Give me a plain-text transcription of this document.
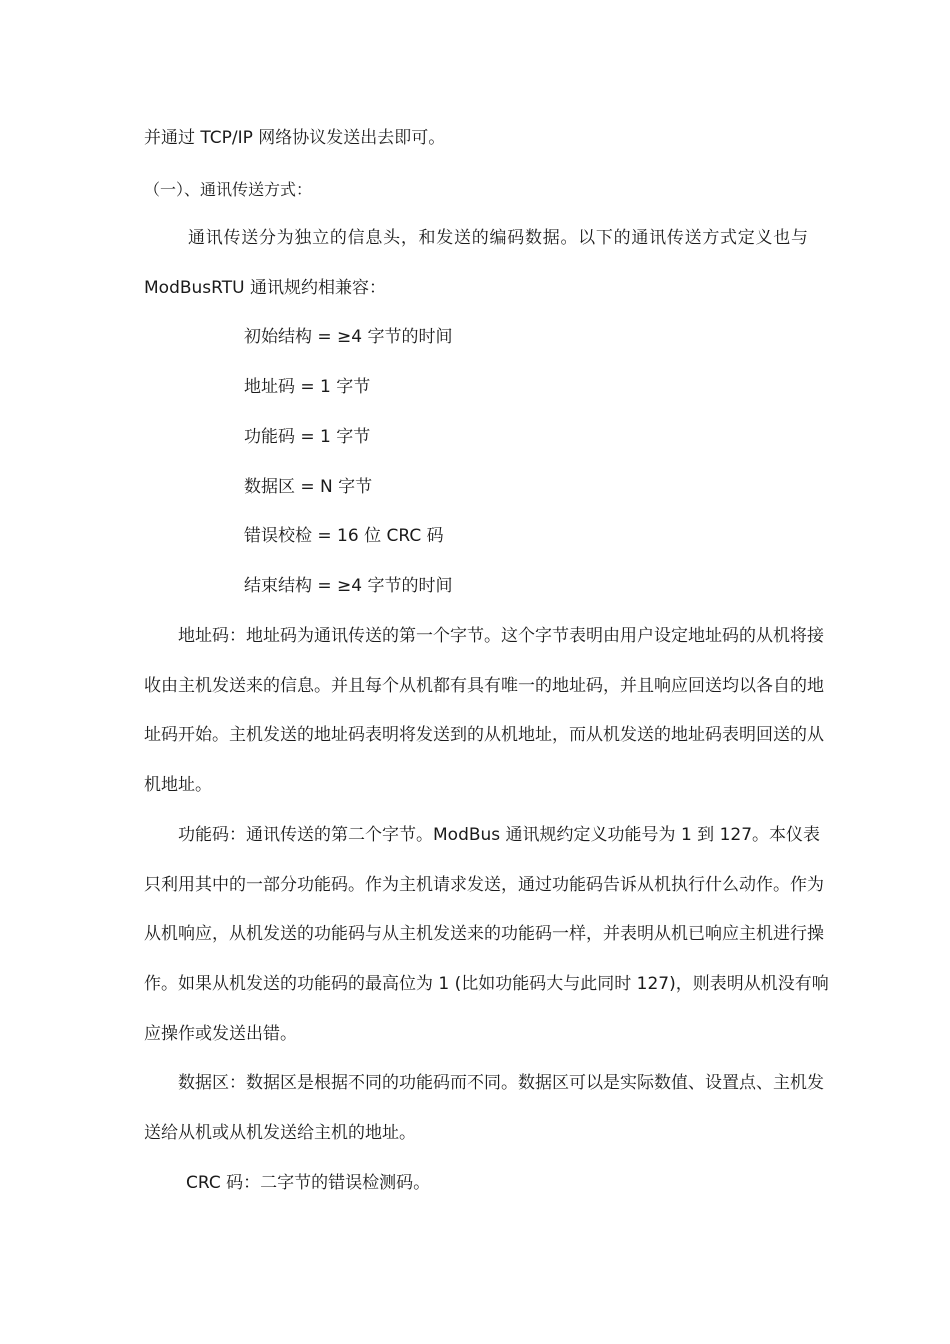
并通过 TCP/IP 网络协议发送出去即可。
（一）、通讯传送方式：
通讯传送分为独立的信息头，和发送的编码数据。以下的通讯传送方式定义也与
ModBusRTU 通讯规约相兼容：
初始结构 = ≥4 字节的时间
地址码 = 1 字节
功能码 = 1 字节
数据区 = N 字节
错误校检 = 16 位 CRC 码
结束结构 = ≥4 字节的时间
地址码：地址码为通讯传送的第一个字节。这个字节表明由用户设定地址码的从机将接
收由主机发送来的信息。并且每个从机都有具有唯一的地址码，并且响应回送均以各自的地
址码开始。主机发送的地址码表明将发送到的从机地址，而从机发送的地址码表明回送的从
机地址。
功能码：通讯传送的第二个字节。ModBus 通讯规约定义功能号为 1 到 127。本仪表
只利用其中的一部分功能码。作为主机请求发送，通过功能码告诉从机执行什么动作。作为
从机响应，从机发送的功能码与从主机发送来的功能码一样，并表明从机已响应主机进行操
作。如果从机发送的功能码的最高位为 1 (比如功能码大与此同时 127)，则表明从机没有响
应操作或发送出错。
数据区：数据区是根据不同的功能码而不同。数据区可以是实际数值、设置点、主机发
送给从机或从机发送给主机的地址。
CRC 码：二字节的错误检测码。
